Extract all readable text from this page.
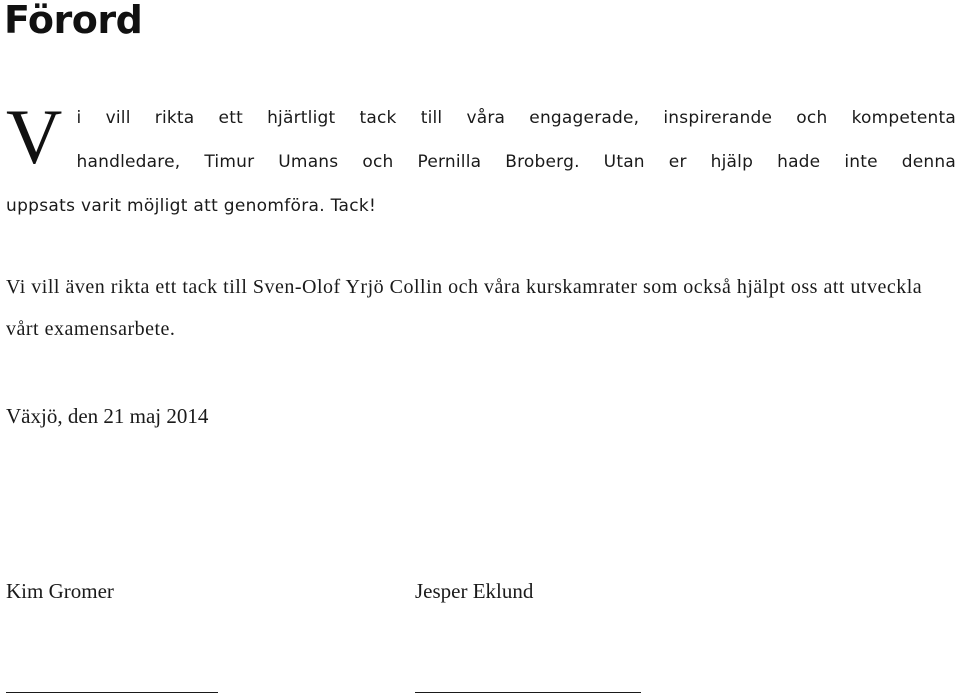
Förord
V i vill rikta ett hjärtligt tack till våra engagerade, inspirerande och kompetenta
handledare, Timur Umans och Pernilla Broberg. Utan er hjälp hade inte denna
uppsats varit möjligt att genomföra. Tack!

Vi vill även rikta ett tack till Sven-Olof Yrjö Collin och våra kurskamrater som också hjälpt oss att utveckla vårt examensarbete.

Växjö, den 21 maj 2014
Kim Gromer	Jesper Eklund
